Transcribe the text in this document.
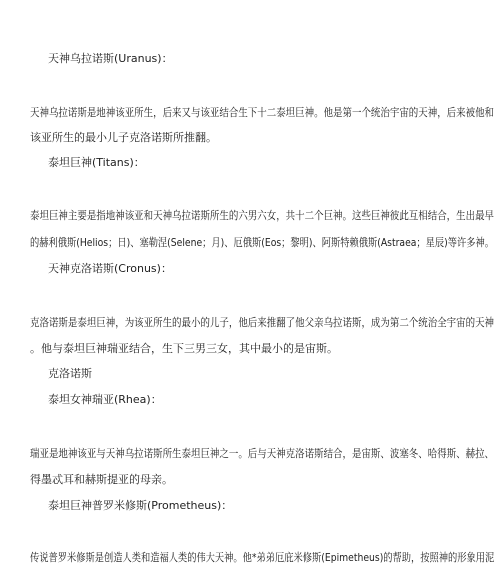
天神乌拉诺斯(Uranus)：
天神乌拉诺斯是地神该亚所生，后来又与该亚结合生下十二泰坦巨神。他是第一个统治宇宙的天神，后来被他和
该亚所生的最小儿子克洛诺斯所推翻。
泰坦巨神(Titans)：
泰坦巨神主要是指地神该亚和天神乌拉诺斯所生的六男六女，共十二个巨神。这些巨神彼此互相结合，生出最早
的赫利俄斯(Helios；日)、塞勒涅(Selene；月)、厄俄斯(Eos；黎明)、阿斯特赖俄斯(Astraea；星辰)等许多神。
天神克洛诺斯(Cronus)：
克洛诺斯是泰坦巨神，为该亚所生的最小的儿子，他后来推翻了他父亲乌拉诺斯，成为第二个统治全宇宙的天神
。他与泰坦巨神瑞亚结合，生下三男三女，其中最小的是宙斯。
克洛诺斯
泰坦女神瑞亚(Rhea)：
瑞亚是地神该亚与天神乌拉诺斯所生泰坦巨神之一。后与天神克洛诺斯结合，是宙斯、波塞冬、哈得斯、赫拉、
得墨忒耳和赫斯提亚的母亲。
泰坦巨神普罗米修斯(Prometheus)：
传说普罗米修斯是创造人类和造福人类的伟大天神。他*弟弟厄庇米修斯(Epimetheus)的帮助，按照神的形象用泥
